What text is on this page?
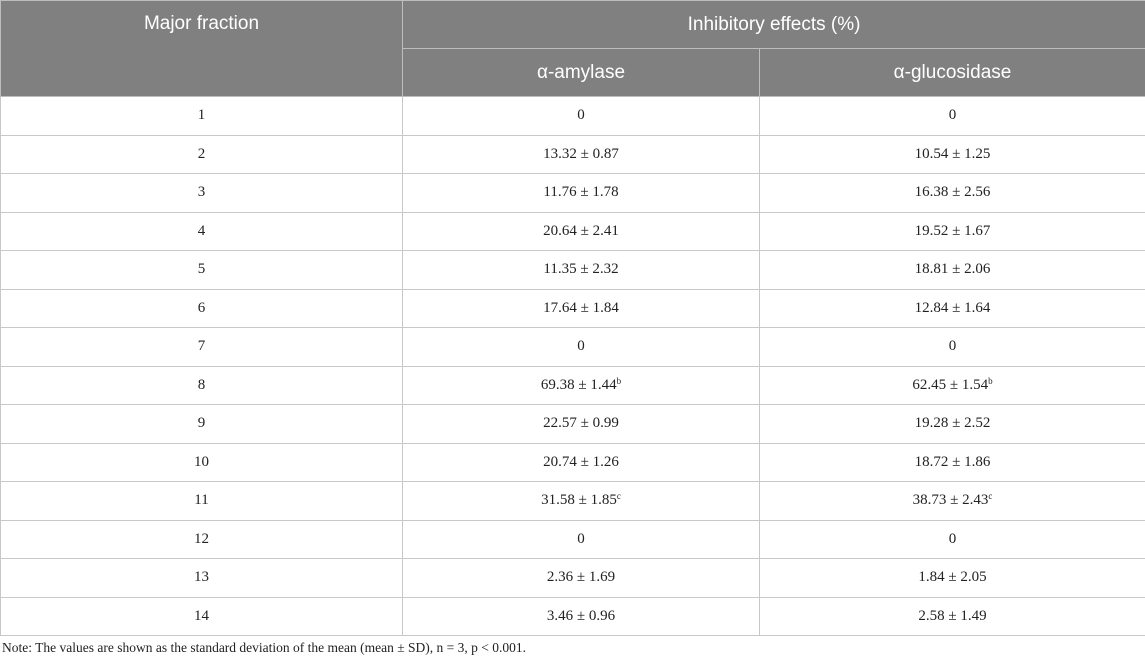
Major fraction	Inhibitory effects (%)	
	α-amylase	α-glucosidase
1	0	0
2	13.32 ± 0.87	10.54 ± 1.25
3	11.76 ± 1.78	16.38 ± 2.56
4	20.64 ± 2.41	19.52 ± 1.67
5	11.35 ± 2.32	18.81 ± 2.06
6	17.64 ± 1.84	12.84 ± 1.64
7	0	0
8	69.38 ± 1.44$^b$	62.45 ± 1.54$^b$
9	22.57 ± 0.99	19.28 ± 2.52
10	20.74 ± 1.26	18.72 ± 1.86
11	31.58 ± 1.85$^c$	38.73 ± 2.43$^c$
12	0	0
13	2.36 ± 1.69	1.84 ± 2.05
14	3.46 ± 0.96	2.58 ± 1.49
Note: The values are shown as the standard deviation of the mean (mean ± SD), n = 3, p < 0.001.
